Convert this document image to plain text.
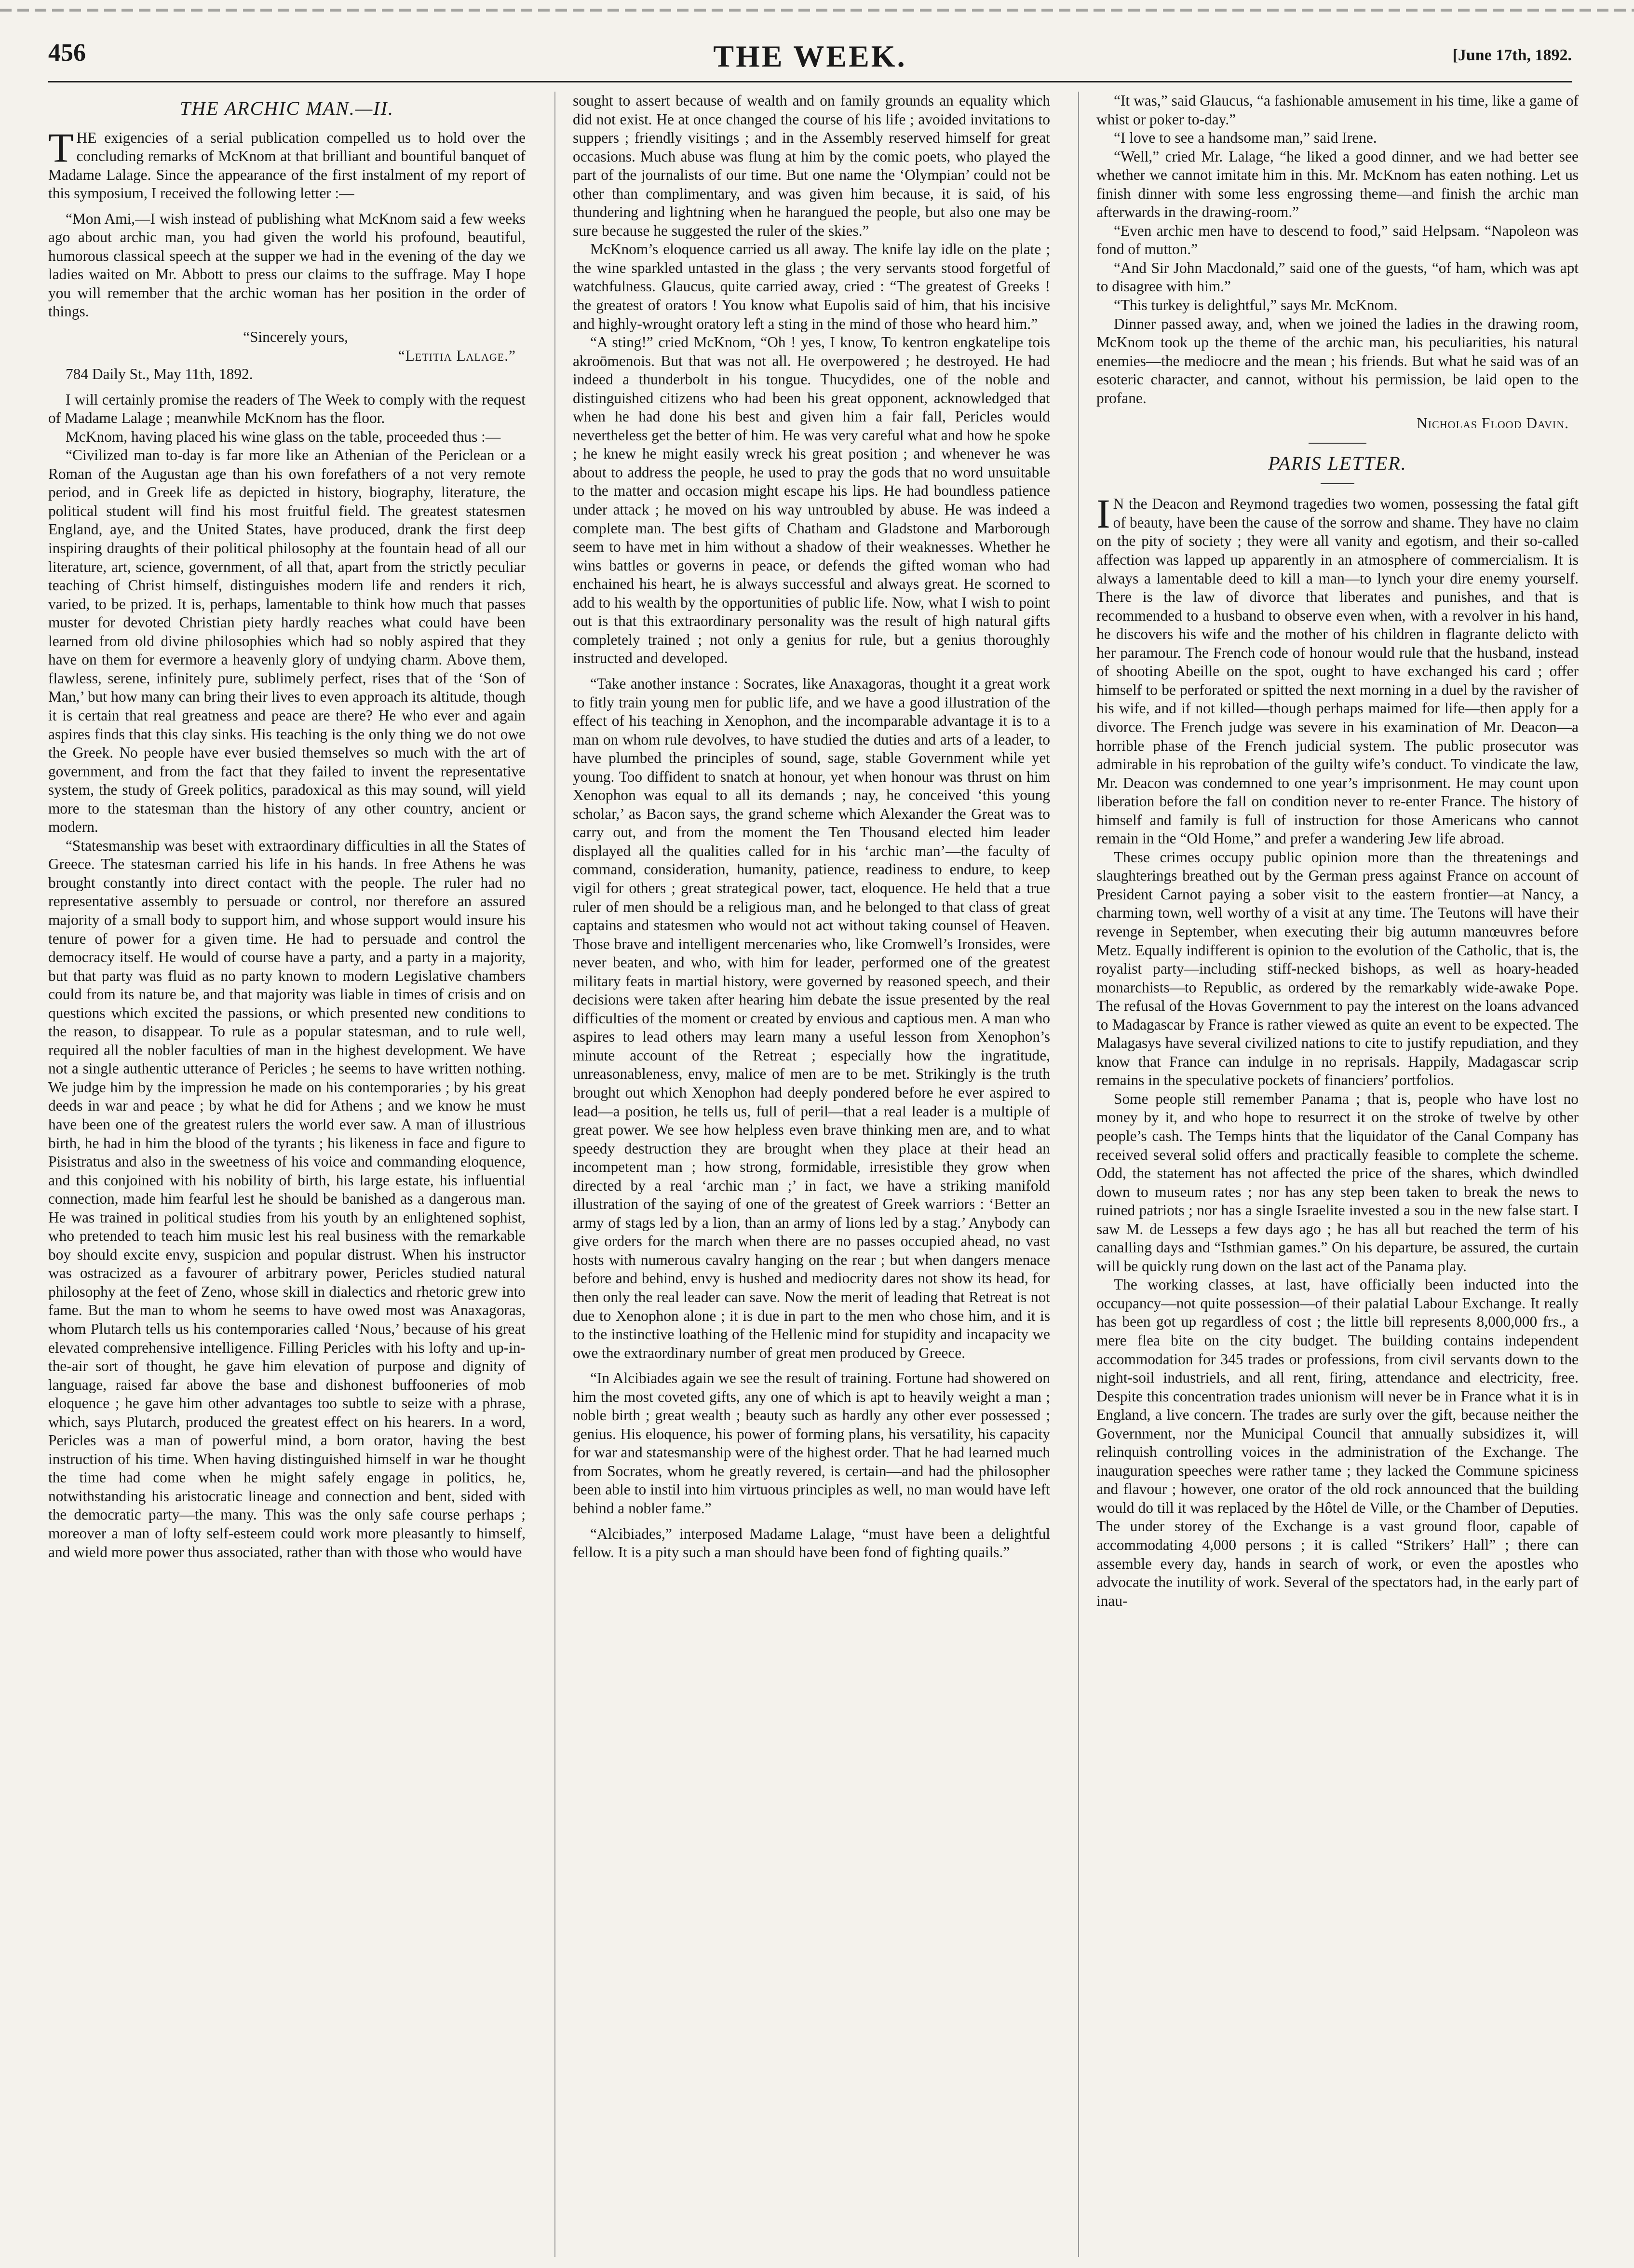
456	THE WEEK.	[June 17th, 1892.
THE ARCHIC MAN.—II.

THE exigencies of a serial publication compelled us to hold over the concluding remarks of McKnom at that brilliant and bountiful banquet of Madame Lalage. Since the appearance of the first instalment of my report of this symposium, I received the following letter :—

“Mon Ami,—I wish instead of publishing what McKnom said a few weeks ago about archic man, you had given the world his profound, beautiful, humorous classical speech at the supper we had in the evening of the day we ladies waited on Mr. Abbott to press our claims to the suffrage. May I hope you will remember that the archic woman has her position in the order of things.

“Sincerely yours,

“Letitia Lalage.”

784 Daily St., May 11th, 1892.

I will certainly promise the readers of The Week to comply with the request of Madame Lalage ; meanwhile McKnom has the floor.

McKnom, having placed his wine glass on the table, proceeded thus :—

“Civilized man to-day is far more like an Athenian of the Periclean or a Roman of the Augustan age than his own forefathers of a not very remote period, and in Greek life as depicted in history, biography, literature, the political student will find his most fruitful field. The greatest statesmen England, aye, and the United States, have produced, drank the first deep inspiring draughts of their political philosophy at the fountain head of all our literature, art, science, government, of all that, apart from the strictly peculiar teaching of Christ himself, distinguishes modern life and renders it rich, varied, to be prized. It is, perhaps, lamentable to think how much that passes muster for devoted Christian piety hardly reaches what could have been learned from old divine philosophies which had so nobly aspired that they have on them for evermore a heavenly glory of undying charm. Above them, flawless, serene, infinitely pure, sublimely perfect, rises that of the ‘Son of Man,’ but how many can bring their lives to even approach its altitude, though it is certain that real greatness and peace are there? He who ever and again aspires finds that this clay sinks. His teaching is the only thing we do not owe the Greek. No people have ever busied themselves so much with the art of government, and from the fact that they failed to invent the representative system, the study of Greek politics, paradoxical as this may sound, will yield more to the statesman than the history of any other country, ancient or modern.

“Statesmanship was beset with extraordinary difficulties in all the States of Greece. The statesman carried his life in his hands. In free Athens he was brought constantly into direct contact with the people. The ruler had no representative assembly to persuade or control, nor therefore an assured majority of a small body to support him, and whose support would insure his tenure of power for a given time. He had to persuade and control the democracy itself. He would of course have a party, and a party in a majority, but that party was fluid as no party known to modern Legislative chambers could from its nature be, and that majority was liable in times of crisis and on questions which excited the passions, or which presented new conditions to the reason, to disappear. To rule as a popular statesman, and to rule well, required all the nobler faculties of man in the highest development. We have not a single authentic utterance of Pericles ; he seems to have written nothing. We judge him by the impression he made on his contemporaries ; by his great deeds in war and peace ; by what he did for Athens ; and we know he must have been one of the greatest rulers the world ever saw. A man of illustrious birth, he had in him the blood of the tyrants ; his likeness in face and figure to Pisistratus and also in the sweetness of his voice and commanding eloquence, and this conjoined with his nobility of birth, his large estate, his influential connection, made him fearful lest he should be banished as a dangerous man. He was trained in political studies from his youth by an enlightened sophist, who pretended to teach him music lest his real business with the remarkable boy should excite envy, suspicion and popular distrust. When his instructor was ostracized as a favourer of arbitrary power, Pericles studied natural philosophy at the feet of Zeno, whose skill in dialectics and rhetoric grew into fame. But the man to whom he seems to have owed most was Anaxagoras, whom Plutarch tells us his contemporaries called ‘Nous,’ because of his great elevated comprehensive intelligence. Filling Pericles with his lofty and up-in-the-air sort of thought, he gave him elevation of purpose and dignity of language, raised far above the base and dishonest buffooneries of mob eloquence ; he gave him other advantages too subtle to seize with a phrase, which, says Plutarch, produced the greatest effect on his hearers. In a word, Pericles was a man of powerful mind, a born orator, having the best instruction of his time. When having distinguished himself in war he thought the time had come when he might safely engage in politics, he, notwithstanding his aristocratic lineage and connection and bent, sided with the democratic party—the many. This was the only safe course perhaps ; moreover a man of lofty self-esteem could work more pleasantly to himself, and wield more power thus associated, rather than with those who would have

sought to assert because of wealth and on family grounds an equality which did not exist. He at once changed the course of his life ; avoided invitations to suppers ; friendly visitings ; and in the Assembly reserved himself for great occasions. Much abuse was flung at him by the comic poets, who played the part of the journalists of our time. But one name the ‘Olympian’ could not be other than complimentary, and was given him because, it is said, of his thundering and lightning when he harangued the people, but also one may be sure because he suggested the ruler of the skies.”

McKnom’s eloquence carried us all away. The knife lay idle on the plate ; the wine sparkled untasted in the glass ; the very servants stood forgetful of watchfulness. Glaucus, quite carried away, cried : “The greatest of Greeks ! the greatest of orators ! You know what Eupolis said of him, that his incisive and highly-wrought oratory left a sting in the mind of those who heard him.”

“A sting!” cried McKnom, “Oh ! yes, I know, To kentron engkatelipe tois akroōmenois. But that was not all. He overpowered ; he destroyed. He had indeed a thunderbolt in his tongue. Thucydides, one of the noble and distinguished citizens who had been his great opponent, acknowledged that when he had done his best and given him a fair fall, Pericles would nevertheless get the better of him. He was very careful what and how he spoke ; he knew he might easily wreck his great position ; and whenever he was about to address the people, he used to pray the gods that no word unsuitable to the matter and occasion might escape his lips. He had boundless patience under attack ; he moved on his way untroubled by abuse. He was indeed a complete man. The best gifts of Chatham and Gladstone and Marborough seem to have met in him without a shadow of their weaknesses. Whether he wins battles or governs in peace, or defends the gifted woman who had enchained his heart, he is always successful and always great. He scorned to add to his wealth by the opportunities of public life. Now, what I wish to point out is that this extraordinary personality was the result of high natural gifts completely trained ; not only a genius for rule, but a genius thoroughly instructed and developed.

“Take another instance : Socrates, like Anaxagoras, thought it a great work to fitly train young men for public life, and we have a good illustration of the effect of his teaching in Xenophon, and the incomparable advantage it is to a man on whom rule devolves, to have studied the duties and arts of a leader, to have plumbed the principles of sound, sage, stable Government while yet young. Too diffident to snatch at honour, yet when honour was thrust on him Xenophon was equal to all its demands ; nay, he conceived ‘this young scholar,’ as Bacon says, the grand scheme which Alexander the Great was to carry out, and from the moment the Ten Thousand elected him leader displayed all the qualities called for in his ‘archic man’—the faculty of command, consideration, humanity, patience, readiness to endure, to keep vigil for others ; great strategical power, tact, eloquence. He held that a true ruler of men should be a religious man, and he belonged to that class of great captains and statesmen who would not act without taking counsel of Heaven. Those brave and intelligent mercenaries who, like Cromwell’s Ironsides, were never beaten, and who, with him for leader, performed one of the greatest military feats in martial history, were governed by reasoned speech, and their decisions were taken after hearing him debate the issue presented by the real difficulties of the moment or created by envious and captious men. A man who aspires to lead others may learn many a useful lesson from Xenophon’s minute account of the Retreat ; especially how the ingratitude, unreasonableness, envy, malice of men are to be met. Strikingly is the truth brought out which Xenophon had deeply pondered before he ever aspired to lead—a position, he tells us, full of peril—that a real leader is a multiple of great power. We see how helpless even brave thinking men are, and to what speedy destruction they are brought when they place at their head an incompetent man ; how strong, formidable, irresistible they grow when directed by a real ‘archic man ;’ in fact, we have a striking manifold illustration of the saying of one of the greatest of Greek warriors : ‘Better an army of stags led by a lion, than an army of lions led by a stag.’ Anybody can give orders for the march when there are no passes occupied ahead, no vast hosts with numerous cavalry hanging on the rear ; but when dangers menace before and behind, envy is hushed and mediocrity dares not show its head, for then only the real leader can save. Now the merit of leading that Retreat is not due to Xenophon alone ; it is due in part to the men who chose him, and it is to the instinctive loathing of the Hellenic mind for stupidity and incapacity we owe the extraordinary number of great men produced by Greece.

“In Alcibiades again we see the result of training. Fortune had showered on him the most coveted gifts, any one of which is apt to heavily weight a man ; noble birth ; great wealth ; beauty such as hardly any other ever possessed ; genius. His eloquence, his power of forming plans, his versatility, his capacity for war and statesmanship were of the highest order. That he had learned much from Socrates, whom he greatly revered, is certain—and had the philosopher been able to instil into him virtuous principles as well, no man would have left behind a nobler fame.”

“Alcibiades,” interposed Madame Lalage, “must have been a delightful fellow. It is a pity such a man should have been fond of fighting quails.”

“It was,” said Glaucus, “a fashionable amusement in his time, like a game of whist or poker to-day.”

“I love to see a handsome man,” said Irene.

“Well,” cried Mr. Lalage, “he liked a good dinner, and we had better see whether we cannot imitate him in this. Mr. McKnom has eaten nothing. Let us finish dinner with some less engrossing theme—and finish the archic man afterwards in the drawing-room.”

“Even archic men have to descend to food,” said Helpsam. “Napoleon was fond of mutton.”

“And Sir John Macdonald,” said one of the guests, “of ham, which was apt to disagree with him.”

“This turkey is delightful,” says Mr. McKnom.

Dinner passed away, and, when we joined the ladies in the drawing room, McKnom took up the theme of the archic man, his peculiarities, his natural enemies—the mediocre and the mean ; his friends. But what he said was of an esoteric character, and cannot, without his permission, be laid open to the profane.

Nicholas Flood Davin.

PARIS LETTER.

IN the Deacon and Reymond tragedies two women, possessing the fatal gift of beauty, have been the cause of the sorrow and shame. They have no claim on the pity of society ; they were all vanity and egotism, and their so-called affection was lapped up apparently in an atmosphere of commercialism. It is always a lamentable deed to kill a man—to lynch your dire enemy yourself. There is the law of divorce that liberates and punishes, and that is recommended to a husband to observe even when, with a revolver in his hand, he discovers his wife and the mother of his children in flagrante delicto with her paramour. The French code of honour would rule that the husband, instead of shooting Abeille on the spot, ought to have exchanged his card ; offer himself to be perforated or spitted the next morning in a duel by the ravisher of his wife, and if not killed—though perhaps maimed for life—then apply for a divorce. The French judge was severe in his examination of Mr. Deacon—a horrible phase of the French judicial system. The public prosecutor was admirable in his reprobation of the guilty wife’s conduct. To vindicate the law, Mr. Deacon was condemned to one year’s imprisonment. He may count upon liberation before the fall on condition never to re-enter France. The history of himself and family is full of instruction for those Americans who cannot remain in the “Old Home,” and prefer a wandering Jew life abroad.

These crimes occupy public opinion more than the threatenings and slaughterings breathed out by the German press against France on account of President Carnot paying a sober visit to the eastern frontier—at Nancy, a charming town, well worthy of a visit at any time. The Teutons will have their revenge in September, when executing their big autumn manœuvres before Metz. Equally indifferent is opinion to the evolution of the Catholic, that is, the royalist party—including stiff-necked bishops, as well as hoary-headed monarchists—to Republic, as ordered by the remarkably wide-awake Pope. The refusal of the Hovas Government to pay the interest on the loans advanced to Madagascar by France is rather viewed as quite an event to be expected. The Malagasys have several civilized nations to cite to justify repudiation, and they know that France can indulge in no reprisals. Happily, Madagascar scrip remains in the speculative pockets of financiers’ portfolios.

Some people still remember Panama ; that is, people who have lost no money by it, and who hope to resurrect it on the stroke of twelve by other people’s cash. The Temps hints that the liquidator of the Canal Company has received several solid offers and practically feasible to complete the scheme. Odd, the statement has not affected the price of the shares, which dwindled down to museum rates ; nor has any step been taken to break the news to ruined patriots ; nor has a single Israelite invested a sou in the new false start. I saw M. de Lesseps a few days ago ; he has all but reached the term of his canalling days and “Isthmian games.” On his departure, be assured, the curtain will be quickly rung down on the last act of the Panama play.

The working classes, at last, have officially been inducted into the occupancy—not quite possession—of their palatial Labour Exchange. It really has been got up regardless of cost ; the little bill represents 8,000,000 frs., a mere flea bite on the city budget. The building contains independent accommodation for 345 trades or professions, from civil servants down to the night-soil industriels, and all rent, firing, attendance and electricity, free. Despite this concentration trades unionism will never be in France what it is in England, a live concern. The trades are surly over the gift, because neither the Government, nor the Municipal Council that annually subsidizes it, will relinquish controlling voices in the administration of the Exchange. The inauguration speeches were rather tame ; they lacked the Commune spiciness and flavour ; however, one orator of the old rock announced that the building would do till it was replaced by the Hôtel de Ville, or the Chamber of Deputies. The under storey of the Exchange is a vast ground floor, capable of accommodating 4,000 persons ; it is called “Strikers’ Hall” ; there can assemble every day, hands in search of work, or even the apostles who advocate the inutility of work. Several of the spectators had, in the early part of inau-
